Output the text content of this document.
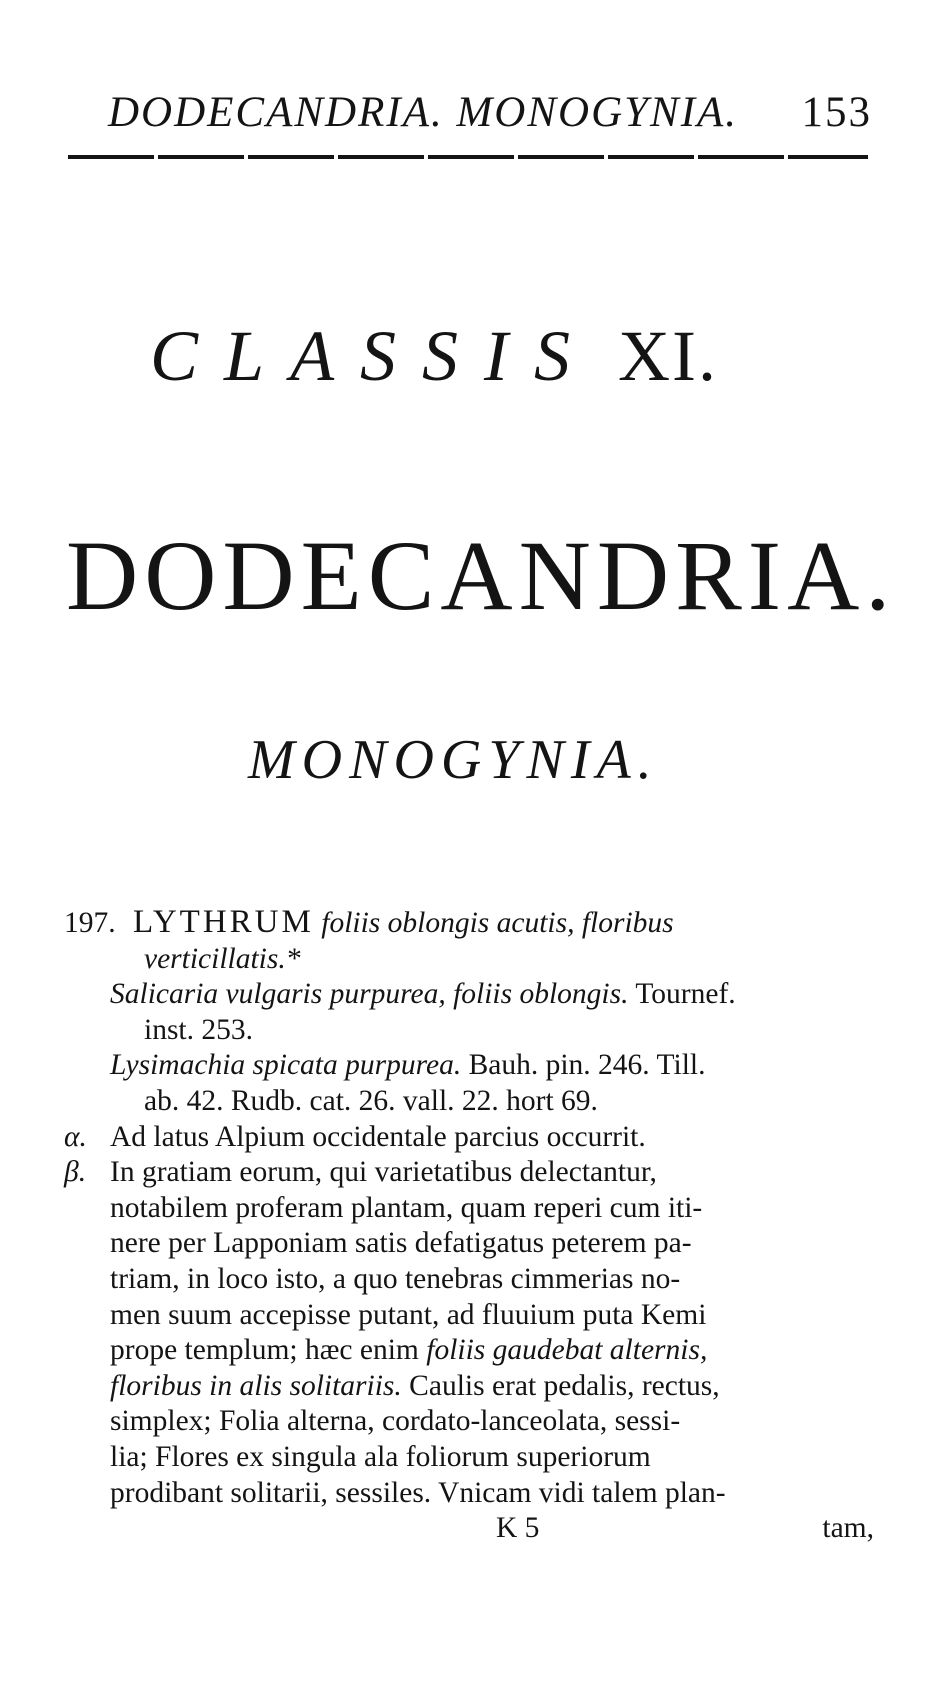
DODECANDRIA. MONOGYNIA. 153
CLASSIS XI.
DODECANDRIA.
MONOGYNIA.
197. LYTHRUM foliis oblongis acutis, floribus
verticillatis.*
Salicaria vulgaris purpurea, foliis oblongis. Tournef.
inst. 253.
Lysimachia spicata purpurea. Bauh. pin. 246. Till.
ab. 42. Rudb. cat. 26. vall. 22. hort 69.
α. Ad latus Alpium occidentale parcius occurrit.
β. In gratiam eorum, qui varietatibus delectantur,
notabilem proferam plantam, quam reperi cum iti-
nere per Lapponiam satis defatigatus peterem pa-
triam, in loco isto, a quo tenebras cimmerias no-
men suum accepisse putant, ad fluuium puta Kemi
prope templum; hæc enim foliis gaudebat alternis,
floribus in alis solitariis. Caulis erat pedalis, rectus,
simplex; Folia alterna, cordato-lanceolata, sessi-
lia; Flores ex singula ala foliorum superiorum
prodibant solitarii, sessiles. Vnicam vidi talem plan-
K 5	tam,
